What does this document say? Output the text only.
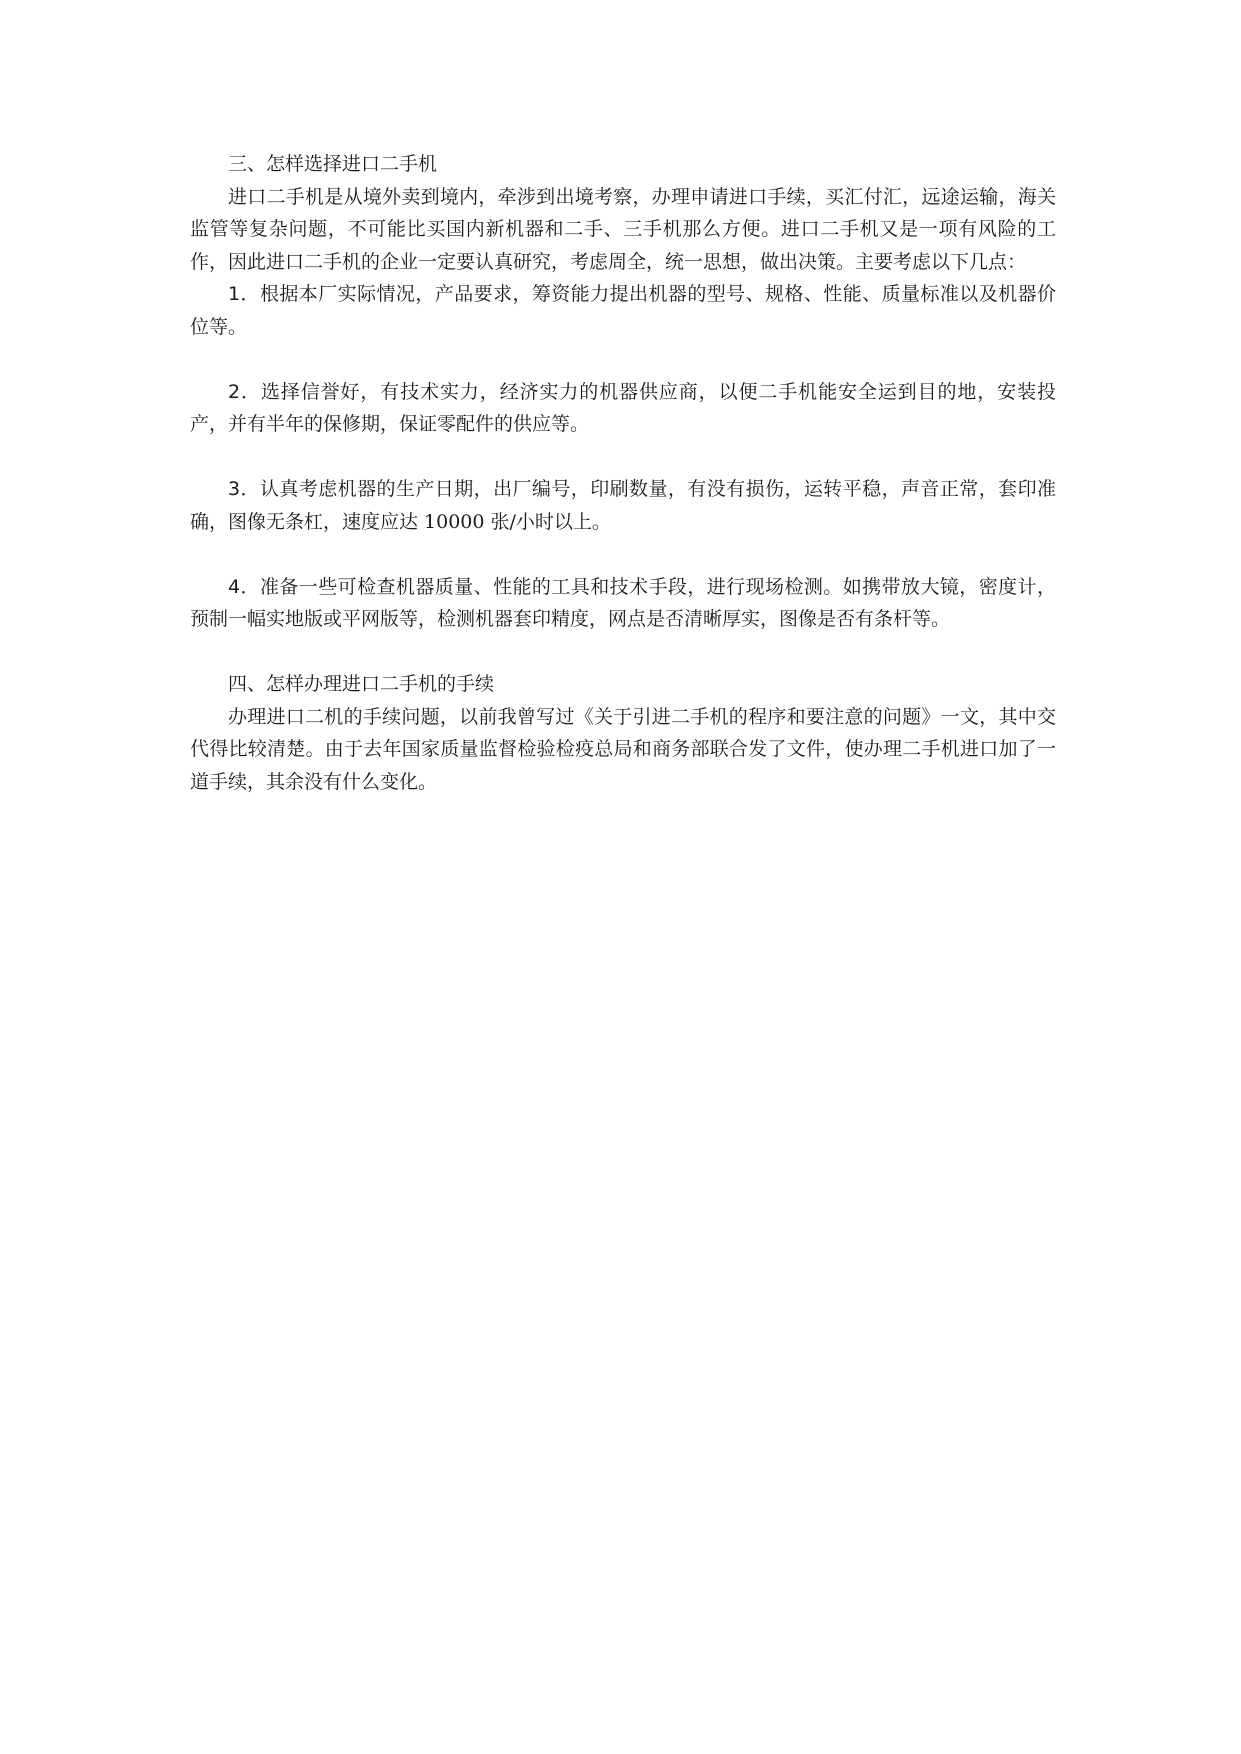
三、怎样选择进口二手机

进口二手机是从境外卖到境内，牵涉到出境考察，办理申请进口手续，买汇付汇，远途运输，海关监管等复杂问题，不可能比买国内新机器和二手、三手机那么方便。进口二手机又是一项有风险的工作，因此进口二手机的企业一定要认真研究，考虑周全，统一思想，做出决策。主要考虑以下几点：

1．根据本厂实际情况，产品要求，筹资能力提出机器的型号、规格、性能、质量标准以及机器价位等。

2．选择信誉好，有技术实力，经济实力的机器供应商，以便二手机能安全运到目的地，安装投产，并有半年的保修期，保证零配件的供应等。

3．认真考虑机器的生产日期，出厂编号，印刷数量，有没有损伤，运转平稳，声音正常，套印准确，图像无条杠，速度应达 10000 张/小时以上。

4．准备一些可检查机器质量、性能的工具和技术手段，进行现场检测。如携带放大镜，密度计，预制一幅实地版或平网版等，检测机器套印精度，网点是否清晰厚实，图像是否有条杆等。

四、怎样办理进口二手机的手续

办理进口二机的手续问题，以前我曾写过《关于引进二手机的程序和要注意的问题》一文，其中交代得比较清楚。由于去年国家质量监督检验检疫总局和商务部联合发了文件，使办理二手机进口加了一道手续，其余没有什么变化。
